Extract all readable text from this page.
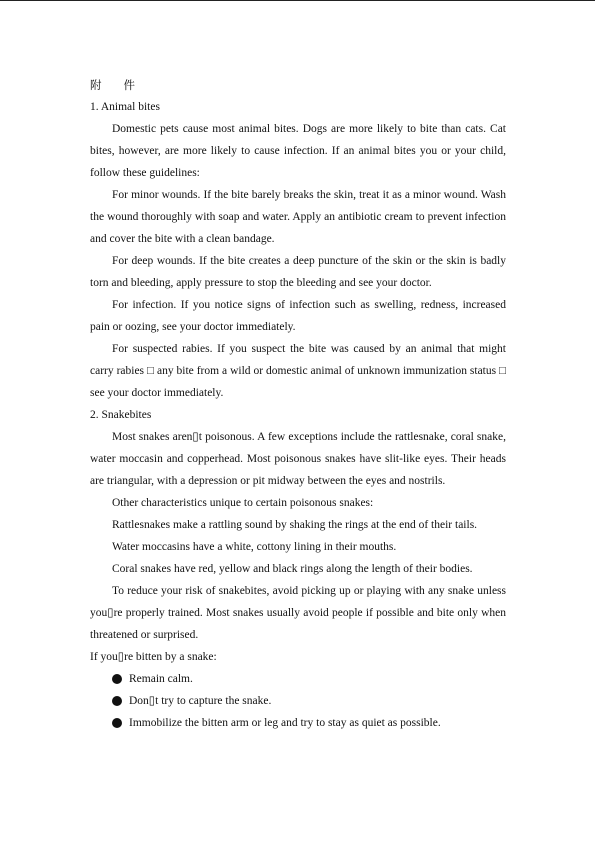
附 件

1. Animal bites

Domestic pets cause most animal bites. Dogs are more likely to bite than cats. Cat bites, however, are more likely to cause infection. If an animal bites you or your child, follow these guidelines:

For minor wounds. If the bite barely breaks the skin, treat it as a minor wound. Wash the wound thoroughly with soap and water. Apply an antibiotic cream to prevent infection and cover the bite with a clean bandage.

For deep wounds. If the bite creates a deep puncture of the skin or the skin is badly torn and bleeding, apply pressure to stop the bleeding and see your doctor.

For infection. If you notice signs of infection such as swelling, redness, increased pain or oozing, see your doctor immediately.

For suspected rabies. If you suspect the bite was caused by an animal that might carry rabies □ any bite from a wild or domestic animal of unknown immunization status □ see your doctor immediately.

2. Snakebites

Most snakes aren▯t poisonous. A few exceptions include the rattlesnake, coral snake, water moccasin and copperhead. Most poisonous snakes have slit-like eyes. Their heads are triangular, with a depression or pit midway between the eyes and nostrils.

Other characteristics unique to certain poisonous snakes:

Rattlesnakes make a rattling sound by shaking the rings at the end of their tails.

Water moccasins have a white, cottony lining in their mouths.

Coral snakes have red, yellow and black rings along the length of their bodies.

To reduce your risk of snakebites, avoid picking up or playing with any snake unless you▯re properly trained. Most snakes usually avoid people if possible and bite only when threatened or surprised.

If you▯re bitten by a snake:

Remain calm.
Don▯t try to capture the snake.
Immobilize the bitten arm or leg and try to stay as quiet as possible.
